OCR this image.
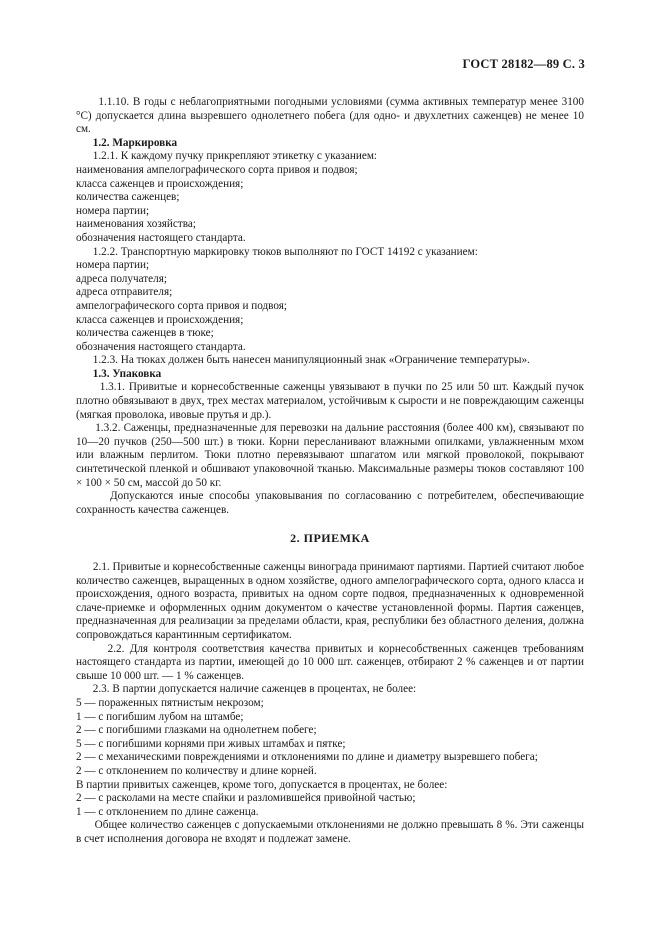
ГОСТ 28182—89 С. 3
1.1.10. В годы с неблагоприятными погодными условиями (сумма активных температур менее 3100 °С) допускается длина вызревшего однолетнего побега (для одно- и двухлетних саженцев) не менее 10 см.
1.2. Маркировка
1.2.1. К каждому пучку прикрепляют этикетку с указанием:
наименования ампелографического сорта привоя и подвоя;
класса саженцев и происхождения;
количества саженцев;
номера партии;
наименования хозяйства;
обозначения настоящего стандарта.
1.2.2. Транспортную маркировку тюков выполняют по ГОСТ 14192 с указанием:
номера партии;
адреса получателя;
адреса отправителя;
ампелографического сорта привоя и подвоя;
класса саженцев и происхождения;
количества саженцев в тюке;
обозначения настоящего стандарта.
1.2.3. На тюках должен быть нанесен манипуляционный знак «Ограничение температуры».
1.3. Упаковка
1.3.1. Привитые и корнесобственные саженцы увязывают в пучки по 25 или 50 шт. Каждый пучок плотно обвязывают в двух, трех местах материалом, устойчивым к сырости и не повреждающим саженцы (мягкая проволока, ивовые прутья и др.).
1.3.2. Саженцы, предназначенные для перевозки на дальние расстояния (более 400 км), связывают по 10—20 пучков (250—500 шт.) в тюки. Корни пересланивают влажными опилками, увлажненным мхом или влажным перлитом. Тюки плотно перевязывают шпагатом или мягкой проволокой, покрывают синтетической пленкой и обшивают упаковочной тканью. Максимальные размеры тюков составляют 100 × 100 × 50 см, массой до 50 кг.
Допускаются иные способы упаковывания по согласованию с потребителем, обеспечивающие сохранность качества саженцев.
2. ПРИЕМКА
2.1. Привитые и корнесобственные саженцы винограда принимают партиями. Партией считают любое количество саженцев, выращенных в одном хозяйстве, одного ампелографического сорта, одного класса и происхождения, одного возраста, привитых на одном сорте подвоя, предназначенных к одновременной слаче-приемке и оформленных одним документом о качестве установленной формы. Партия саженцев, предназначенная для реализации за пределами области, края, республики без областного деления, должна сопровождаться карантинным сертификатом.
2.2. Для контроля соответствия качества привитых и корнесобственных саженцев требованиям настоящего стандарта из партии, имеющей до 10 000 шт. саженцев, отбирают 2 % саженцев и от партии свыше 10 000 шт. — 1 % саженцев.
2.3. В партии допускается наличие саженцев в процентах, не более:
5 — пораженных пятнистым некрозом;
1 — с погибшим лубом на штамбе;
2 — с погибшими глазками на однолетнем побеге;
5 — с погибшими корнями при живых штамбах и пятке;
2 — с механическими повреждениями и отклонениями по длине и диаметру вызревшего побега;
2 — с отклонением по количеству и длине корней.
В партии привитых саженцев, кроме того, допускается в процентах, не более:
2 — с расколами на месте спайки и разломившейся привойной частью;
1 — с отклонением по длине саженца.
Общее количество саженцев с допускаемыми отклонениями не должно превышать 8 %. Эти саженцы в счет исполнения договора не входят и подлежат замене.
